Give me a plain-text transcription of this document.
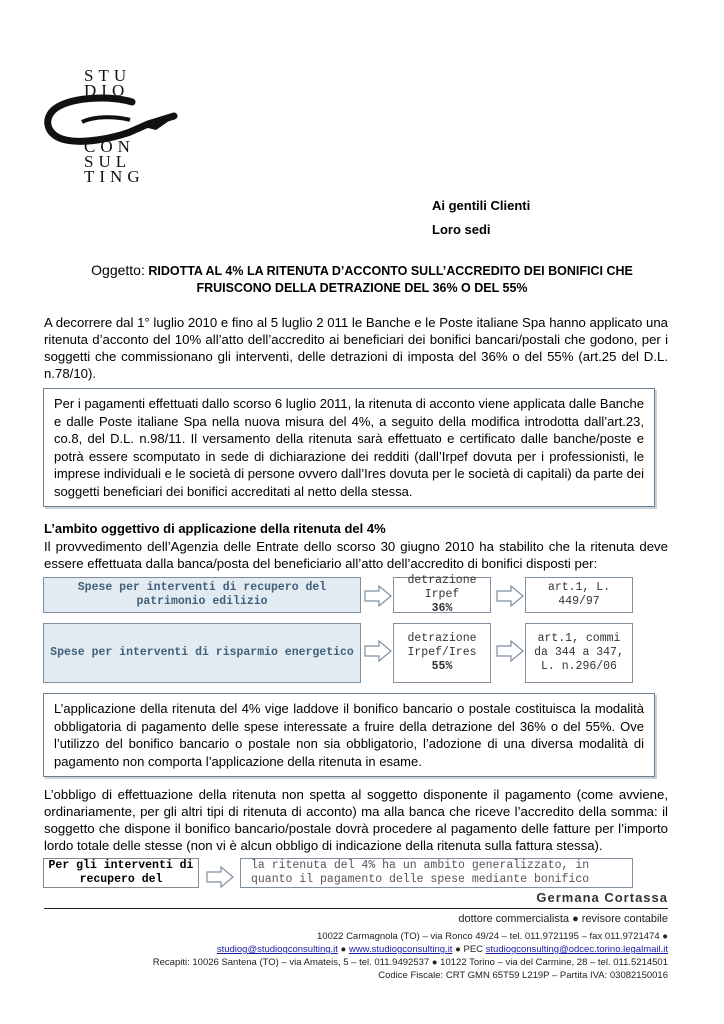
STU
DIO
CON
SUL
TING
Ai gentili Clienti
Loro sedi
Oggetto: RIDOTTA AL 4% LA RITENUTA D’ACCONTO SULL’ACCREDITO DEI BONIFICI CHE
FRUISCONO DELLA DETRAZIONE DEL 36% O DEL 55%
A decorrere dal 1° luglio 2010 e fino al 5 luglio 2 011 le Banche e le Poste italiane Spa hanno applicato una ritenuta d’acconto del 10% all’atto dell’accredito ai beneficiari dei bonifici bancari/postali che godono, per i soggetti che commissionano gli interventi, delle detrazioni di imposta del 36% o del 55% (art.25 del D.L. n.78/10).
Per i pagamenti effettuati dallo scorso 6 luglio 2011, la ritenuta di acconto viene applicata dalle Banche e dalle Poste italiane Spa nella nuova misura del 4%, a seguito della modifica introdotta dall’art.23, co.8, del D.L. n.98/11. Il versamento della ritenuta sarà effettuato e certificato dalle banche/poste e potrà essere scomputato in sede di dichiarazione dei redditi (dall’Irpef dovuta per i professionisti, le imprese individuali e le società di persone ovvero dall’Ires dovuta per le società di capitali) da parte dei soggetti beneficiari dei bonifici accreditati al netto della stessa.
L’ambito oggettivo di applicazione della ritenuta del 4%
Il provvedimento dell’Agenzia delle Entrate dello scorso 30 giugno 2010 ha stabilito che la ritenuta deve essere effettuata dalla banca/posta del beneficiario all’atto dell’accredito di bonifici disposti per:
Spese per interventi di recupero del patrimonio edilizio
detrazione Irpef
36%
art.1, L. 449/97
Spese per interventi di risparmio energetico
detrazione Irpef/Ires
55%
art.1, commi da 344 a 347, L. n.296/06
L’applicazione della ritenuta del 4% vige laddove il bonifico bancario o postale costituisca la modalità obbligatoria di pagamento delle spese interessate a fruire della detrazione del 36% o del 55%. Ove l’utilizzo del bonifico bancario o postale non sia obbligatorio, l’adozione di una diversa modalità di pagamento non comporta l’applicazione della ritenuta in esame.
L’obbligo di effettuazione della ritenuta non spetta al soggetto disponente il pagamento (come avviene, ordinariamente, per gli altri tipi di ritenuta di acconto) ma alla banca che riceve l’accredito della somma: il soggetto che dispone il bonifico bancario/postale dovrà procedere al pagamento delle fatture per l’importo lordo totale delle stesse (non vi è alcun obbligo di indicazione della ritenuta sulla fattura stessa).
Per gli interventi di recupero del
la ritenuta del 4% ha un ambito generalizzato, in quanto il pagamento delle spese mediante bonifico
Germana Cortassa
dottore commercialista ● revisore contabile
10022 Carmagnola (TO) – via Ronco 49/24 – tel. 011.9721195 – fax 011.9721474 ●
studiog@studiogconsulting.it ● www.studiogconsulting.it ● PEC studiogconsulting@odcec.torino.legalmail.it
Recapiti: 10026 Santena (TO) – via Amateis, 5 – tel. 011.9492537 ● 10122 Torino – via del Carmine, 28 – tel. 011.5214501
Codice Fiscale: CRT GMN 65T59 L219P – Partita IVA: 03082150016
